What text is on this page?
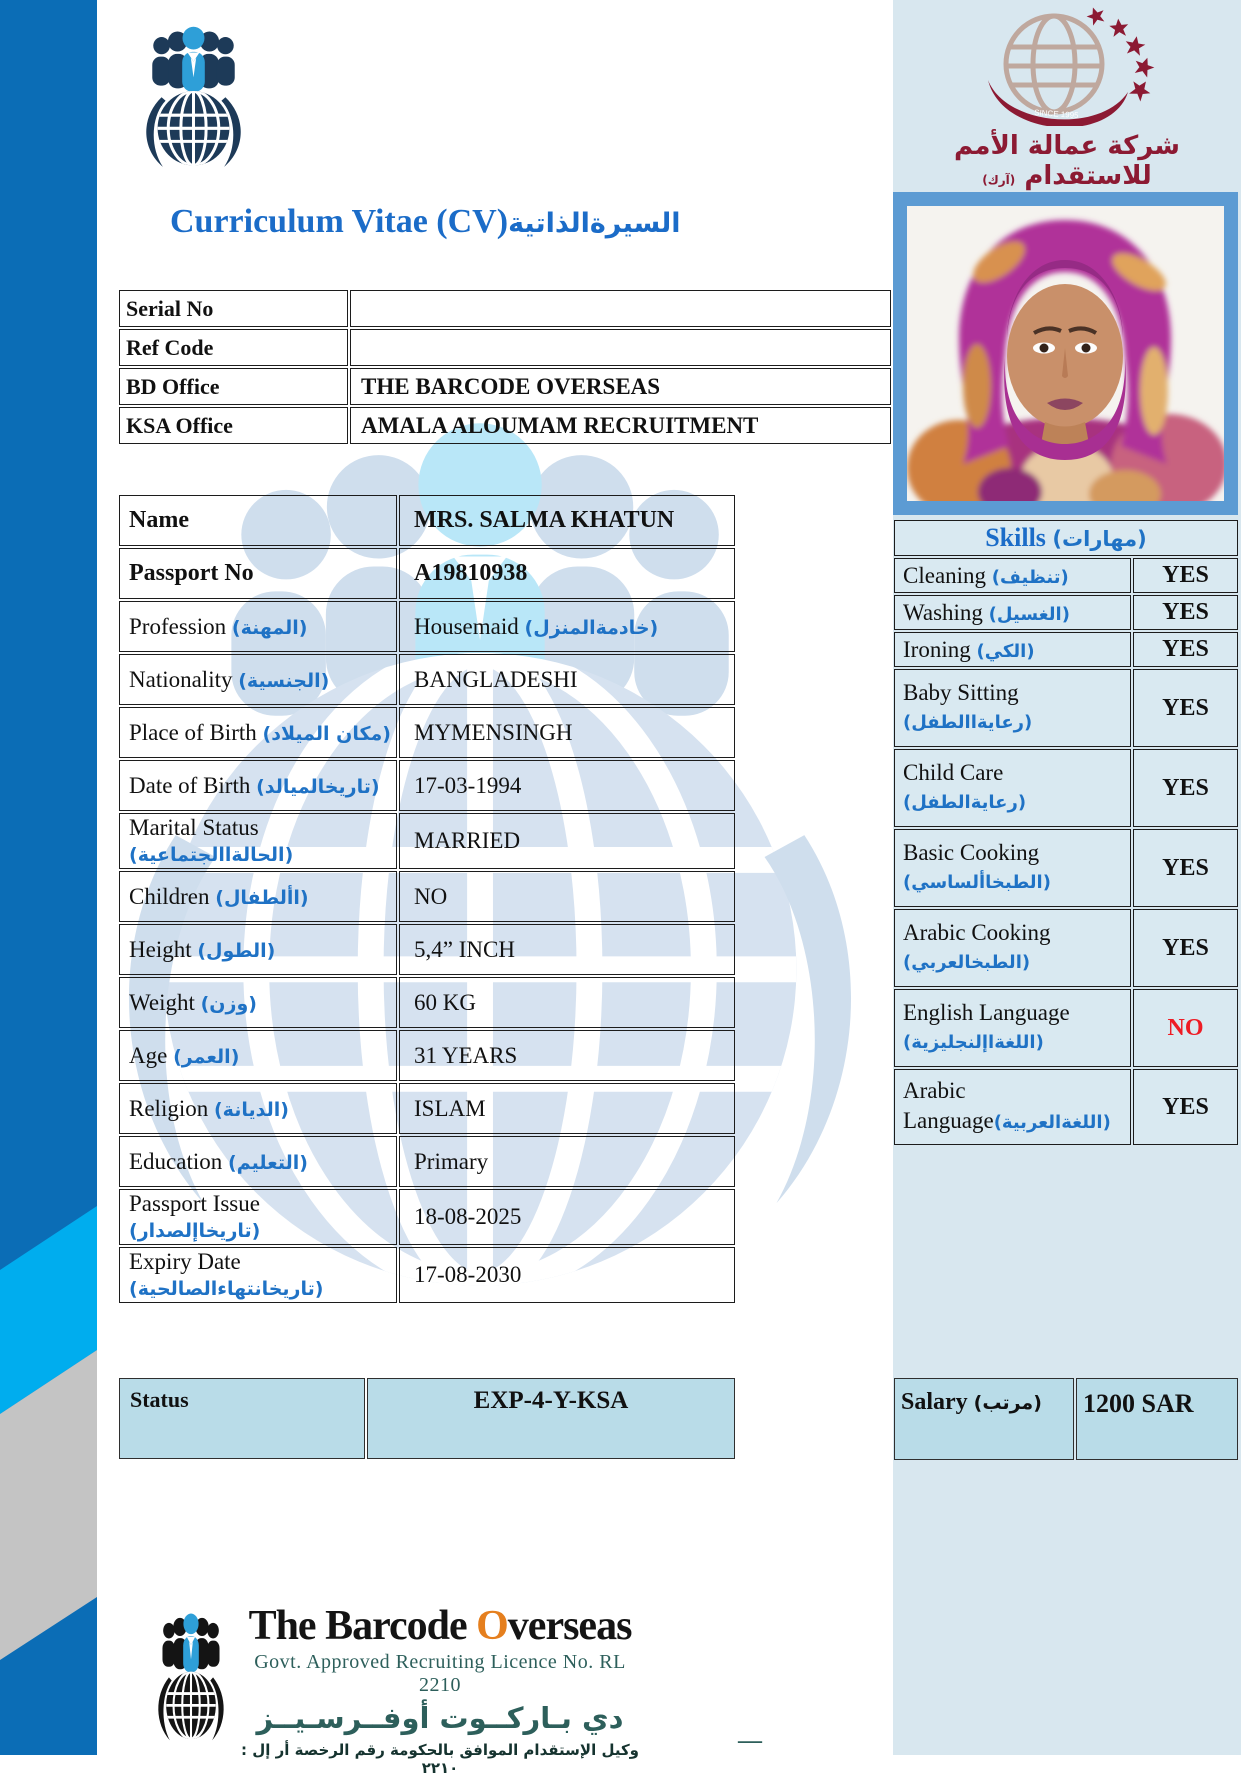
SINCE 1995
شركة عمالة الأمم للاستقدام (آرك)
Curriculum Vitae (CV)السيرةالذاتية
Serial No	
Ref Code	
BD Office	THE BARCODE OVERSEAS
KSA Office	AMALA ALOUMAM RECRUITMENT
Skills (مهارات)	
Cleaning (تنظيف)	YES
Washing (الغسيل)	YES
Ironing (الكي)	YES

Baby Sitting
(رعايةاالطفل)	YES

Child Care
(رعايةالطفل)	YES

Basic Cooking
(الطبخاألساسي)	YES

Arabic Cooking
(الطبخالعربي)	YES

English Language
(اللغةاإلنجليزية)	NO

Arabic
Language(اللغةالعربية)	YES
Name	MRS. SALMA KHATUN
Passport No	A19810938
Profession (المهنة)	Housemaid (خادمةالمنزل)
Nationality (الجنسية)	BANGLADESHI
Place of Birth (مكان الميلاد)	MYMENSINGH
Date of Birth (تاريخالميالد)	17-03-1994
Marital Status (الحالةاالجتماعية)	MARRIED
Children (األطفال)	NO
Height (الطول)	5,4” INCH
Weight (وزن)	60 KG
Age (العمر)	31 YEARS
Religion (الديانة)	ISLAM
Education (التعليم)	Primary
Passport Issue (تاريخاإلصدار)	18-08-2025
Expiry Date (تاريخانتهاءالصالحية)	17-08-2030
Status	EXP-4-Y-KSA	Salary (مرتب)	1200 SAR
The Barcode Overseas
Govt. Approved Recruiting Licence No. RL 2210
دي بـاركــوت أوفــرسـيــز
وكيل الإستقدام الموافق بالحكومة رقم الرخصة أر إل : ٢٢١٠
—
